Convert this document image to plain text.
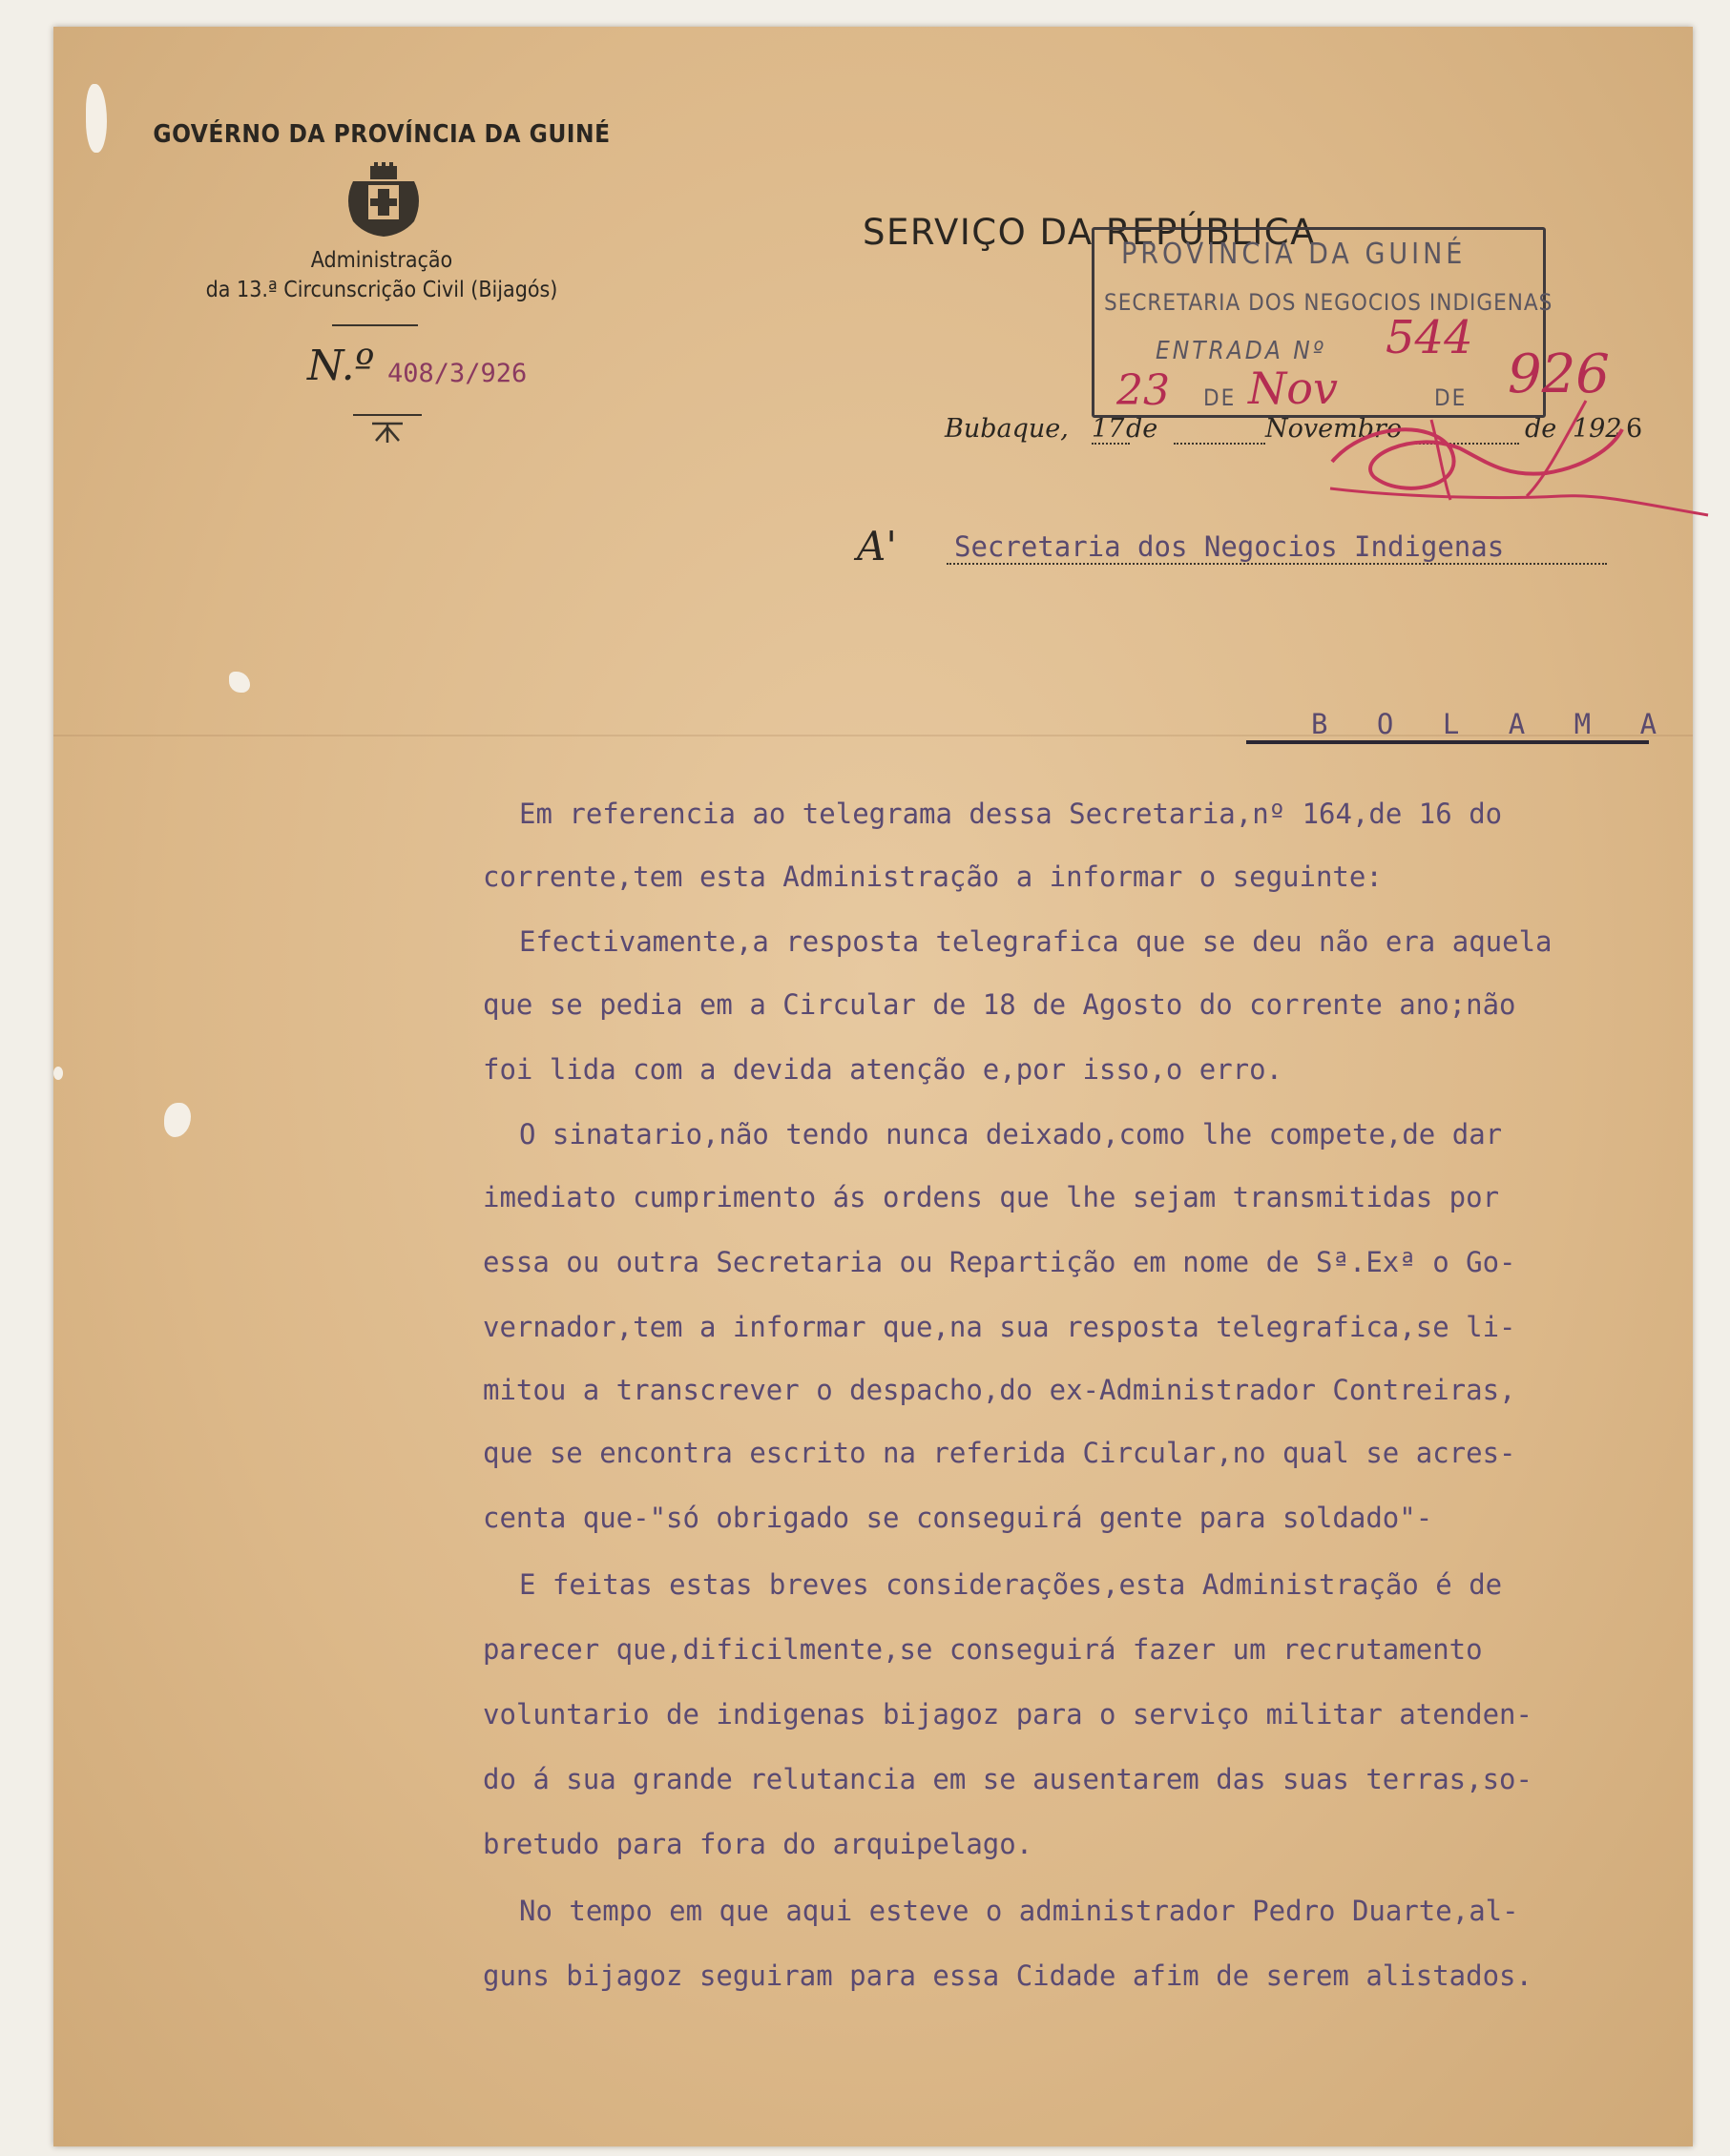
GOVÉRNO DA PROVÍNCIA DA GUINÉ
Administração
da 13.ª Circunscrição Civil (Bijagós)
N.º 408/3/926
SERVIÇO DA REPÚBLICA
Bubaque, 17 de	Novembro	de 192 6
A' Secretaria dos Negocios Indigenas
B O L A M A
PROVINCIA DA GUINÉ
SECRETARIA DOS NEGOCIOS INDIGENAS
ENTRADA Nº
DE	DE
544
23 Nov	926
Em referencia ao telegrama dessa Secretaria,nº 164,de 16 do
corrente,tem esta Administração a informar o seguinte:
Efectivamente,a resposta telegrafica que se deu não era aquela
que se pedia em a Circular de 18 de Agosto do corrente ano;não
foi lida com a devida atenção e,por isso,o erro.
O sinatario,não tendo nunca deixado,como lhe compete,de dar
imediato cumprimento ás ordens que lhe sejam transmitidas por
essa ou outra Secretaria ou Repartição em nome de Sª.Exª o Go-
vernador,tem a informar que,na sua resposta telegrafica,se li-
mitou a transcrever o despacho,do ex-Administrador Contreiras,
que se encontra escrito na referida Circular,no qual se acres-
centa que-"só obrigado se conseguirá gente para soldado"-
E feitas estas breves considerações,esta Administração é de
parecer que,dificilmente,se conseguirá fazer um recrutamento
voluntario de indigenas bijagoz para o serviço militar atenden-
do á sua grande relutancia em se ausentarem das suas terras,so-
bretudo para fora do arquipelago.
No tempo em que aqui esteve o administrador Pedro Duarte,al-
guns bijagoz seguiram para essa Cidade afim de serem alistados.
